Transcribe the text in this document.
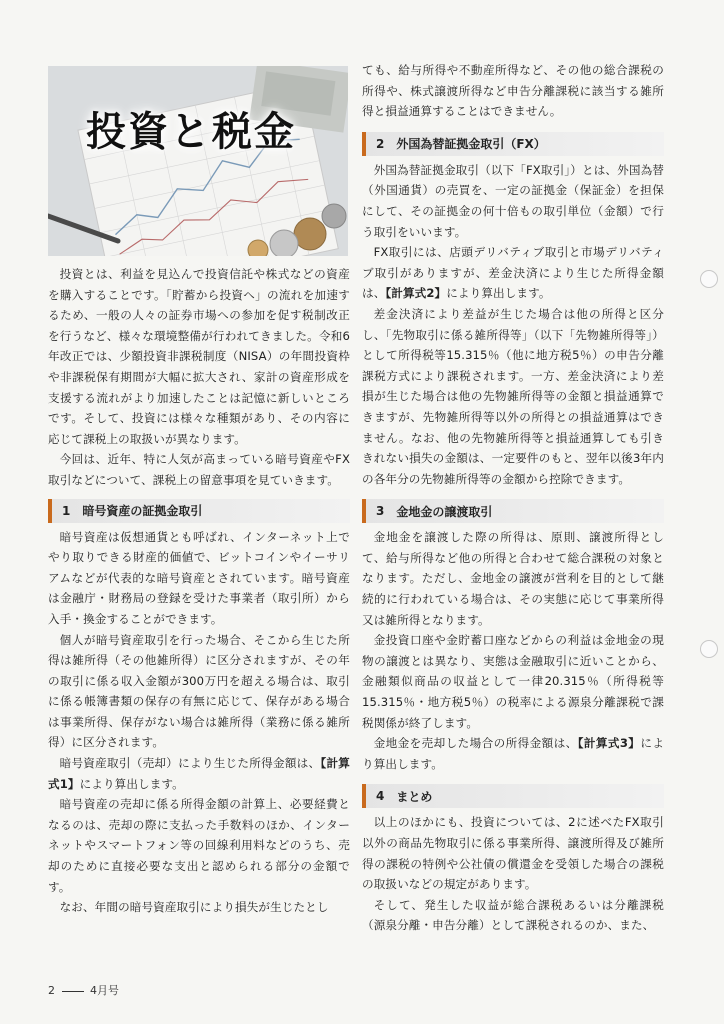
投資と税金

投資とは、利益を見込んで投資信託や株式などの資産を購入することです。「貯蓄から投資へ」の流れを加速するため、一般の人々の証券市場への参加を促す税制改正を行うなど、様々な環境整備が行われてきました。令和6年改正では、少額投資非課税制度（NISA）の年間投資枠や非課税保有期間が大幅に拡大され、家計の資産形成を支援する流れがより加速したことは記憶に新しいところです。そして、投資には様々な種類があり、その内容に応じて課税上の取扱いが異なります。

今回は、近年、特に人気が高まっている暗号資産やFX取引などについて、課税上の留意事項を見ていきます。

1 暗号資産の証拠金取引

暗号資産は仮想通貨とも呼ばれ、インターネット上でやり取りできる財産的価値で、ビットコインやイーサリアムなどが代表的な暗号資産とされています。暗号資産は金融庁・財務局の登録を受けた事業者（取引所）から入手・換金することができます。

個人が暗号資産取引を行った場合、そこから生じた所得は雑所得（その他雑所得）に区分されますが、その年の取引に係る収入金額が300万円を超える場合は、取引に係る帳簿書類の保存の有無に応じて、保存がある場合は事業所得、保存がない場合は雑所得（業務に係る雑所得）に区分されます。

暗号資産取引（売却）により生じた所得金額は、【計算式1】により算出します。

暗号資産の売却に係る所得金額の計算上、必要経費となるのは、売却の際に支払った手数料のほか、インターネットやスマートフォン等の回線利用料などのうち、売却のために直接必要な支出と認められる部分の金額です。

なお、年間の暗号資産取引により損失が生じたとし

ても、給与所得や不動産所得など、その他の総合課税の所得や、株式譲渡所得など申告分離課税に該当する雑所得と損益通算することはできません。

2 外国為替証拠金取引（FX）

外国為替証拠金取引（以下「FX取引」）とは、外国為替（外国通貨）の売買を、一定の証拠金（保証金）を担保にして、その証拠金の何十倍もの取引単位（金額）で行う取引をいいます。

FX取引には、店頭デリバティブ取引と市場デリバティブ取引がありますが、差金決済により生じた所得金額は、【計算式2】により算出します。

差金決済により差益が生じた場合は他の所得と区分し、「先物取引に係る雑所得等」（以下「先物雑所得等」）として所得税等15.315％（他に地方税5％）の申告分離課税方式により課税されます。一方、差金決済により差損が生じた場合は他の先物雑所得等の金額と損益通算できますが、先物雑所得等以外の所得との損益通算はできません。なお、他の先物雑所得等と損益通算しても引ききれない損失の金額は、一定要件のもと、翌年以後3年内の各年分の先物雑所得等の金額から控除できます。

3 金地金の譲渡取引

金地金を譲渡した際の所得は、原則、譲渡所得として、給与所得など他の所得と合わせて総合課税の対象となります。ただし、金地金の譲渡が営利を目的として継続的に行われている場合は、その実態に応じて事業所得又は雑所得となります。

金投資口座や金貯蓄口座などからの利益は金地金の現物の譲渡とは異なり、実態は金融取引に近いことから、金融類似商品の収益として一律20.315％（所得税等15.315％・地方税5％）の税率による源泉分離課税で課税関係が終了します。

金地金を売却した場合の所得金額は、【計算式3】により算出します。

4 まとめ

以上のほかにも、投資については、2に述べたFX取引以外の商品先物取引に係る事業所得、譲渡所得及び雑所得の課税の特例や公社債の償還金を受領した場合の課税の取扱いなどの規定があります。

そして、発生した収益が総合課税あるいは分離課税（源泉分離・申告分離）として課税されるのか、また、

2	4月号
